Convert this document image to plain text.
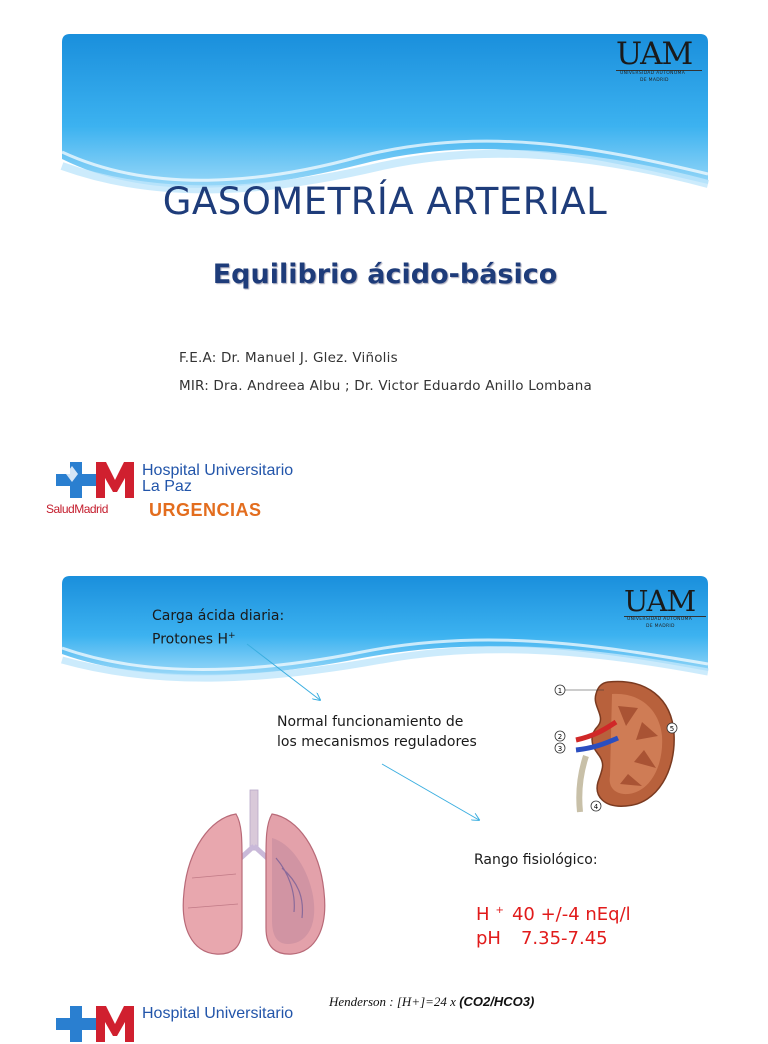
UAM
UNIVERSIDAD AUTONOMA
DE MADRID
GASOMETRÍA ARTERIAL
Equilibrio ácido-básico
F.E.A: Dr. Manuel J. Glez. Viñolis
MIR: Dra. Andreea Albu ; Dr. Victor Eduardo Anillo Lombana
Hospital Universitario
La Paz
SaludMadrid URGENCIAS
UAM
UNIVERSIDAD AUTONOMA
DE MADRID
Carga ácida diaria:
Protones H+
Normal funcionamiento de
los mecanismos reguladores
1
2
3
4
5
Rango fisiológico:
H + 40 +/-4 nEq/l
pH 7.35-7.45
Henderson : [H+]=24 x (CO2/HCO3)
Hospital Universitario
